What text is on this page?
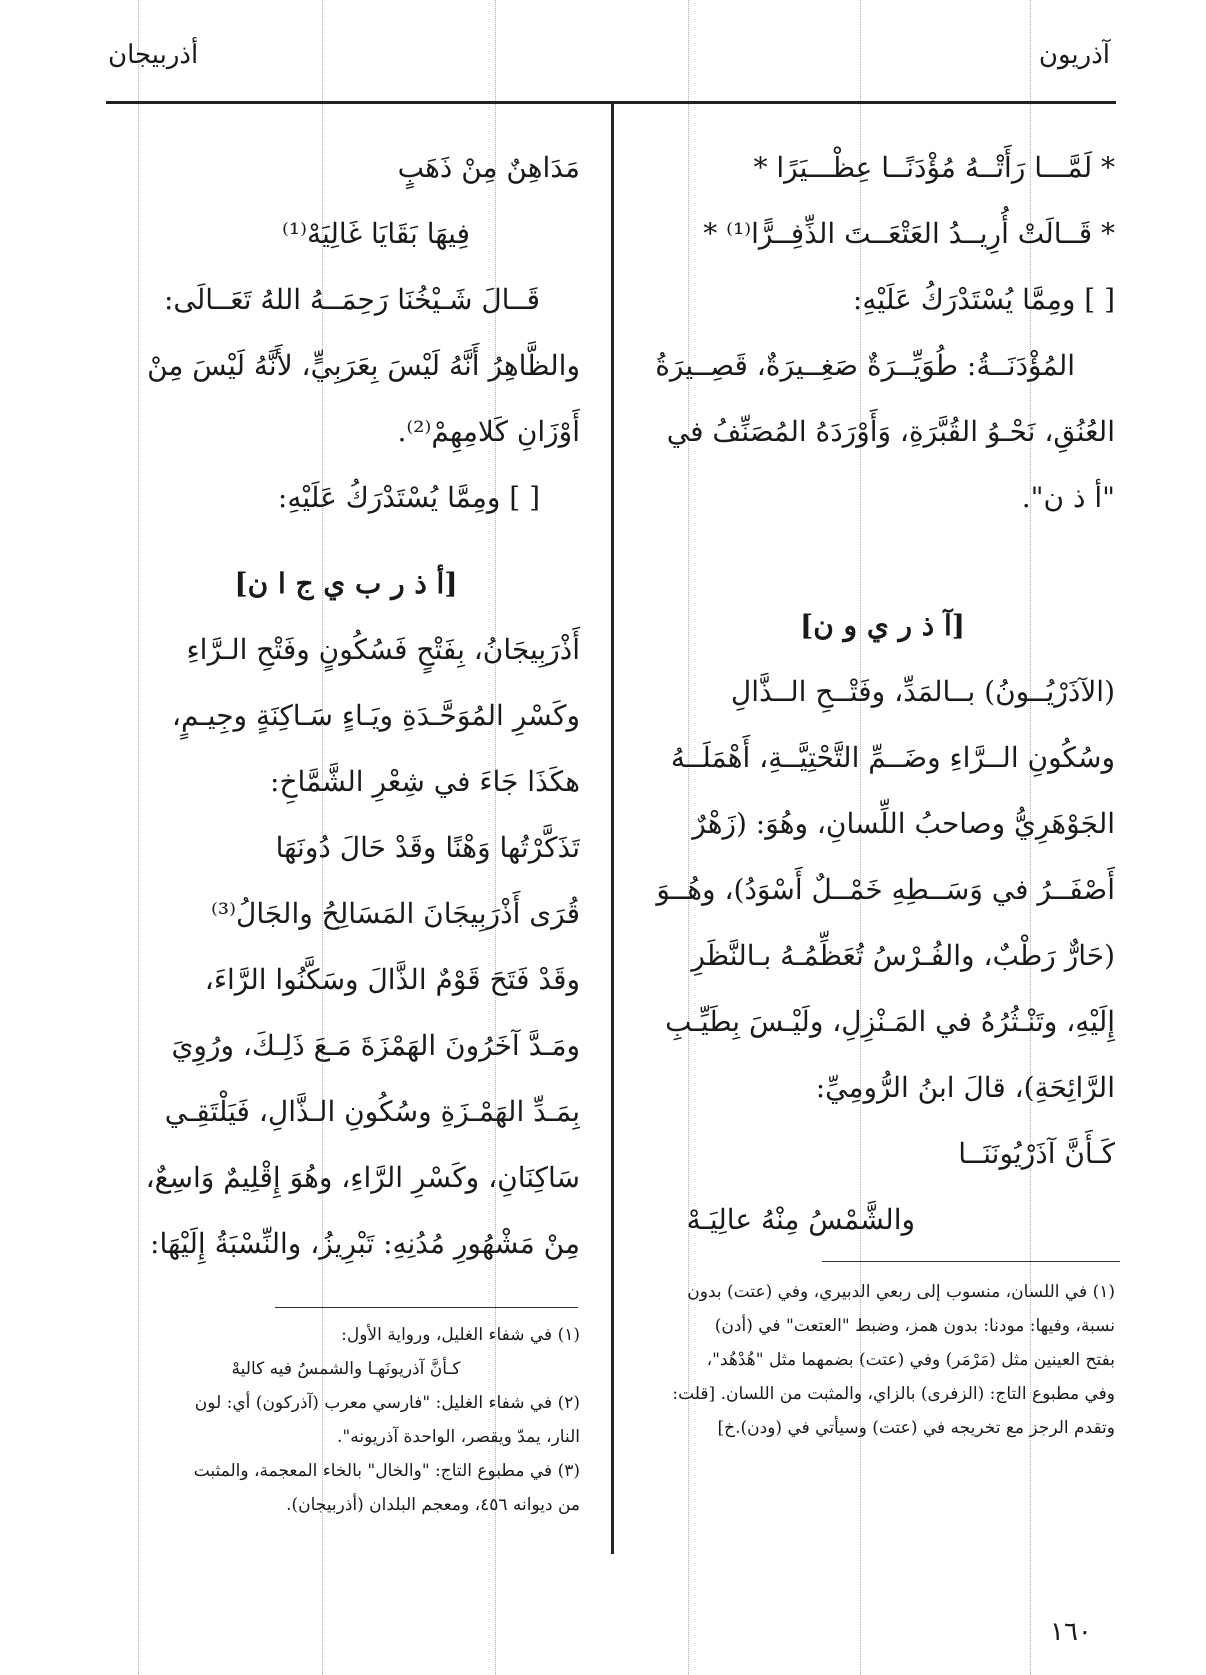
آذريون
أذربيجان
* لَمَّـــا رَأَتْــهُ مُؤْدَنًــا عِظْـــيَرًا *
* قَــالَتْ أُرِيــدُ العَتْعَــتَ الذِّفِــرًّا⁽¹⁾ *
[ ] ومِمَّا يُسْتَدْرَكُ عَلَيْهِ:
المُؤْدَنَــةُ: طُوَيِّــرَةٌ صَغِــيرَةٌ، قَصِــيرَةُ
العُنُقِ، نَحْـوُ القُبَّرَةِ، وَأَوْرَدَهُ المُصَنِّفُ في
"أ ذ ن".
[آ ذ ر ي و ن]
(الآذَرْيُــونُ) بــالمَدِّ، وفَتْــحِ الــذَّالِ
وسُكُونِ الــرَّاءِ وضَــمِّ التَّحْتِيَّــةِ، أَهْمَلَــهُ
الجَوْهَرِيُّ وصاحبُ اللِّسانِ، وهُوَ: (زَهْرٌ
أَصْفَــرُ في وَسَــطِهِ خَمْــلٌ أَسْوَدُ)، وهُــوَ
(حَارٌّ رَطْبٌ، والفُـرْسُ تُعَظِّمُـهُ بـالنَّظَرِ
إِلَيْهِ، وتَنْـثُرُهُ في المَـنْزِلِ، ولَيْـسَ بِطَيِّـبِ
الرَّائِحَةِ)، قالَ ابنُ الرُّومِيِّ:
كَـأَنَّ آذَرْيُونَنَــا
والشَّمْسُ مِنْهُ عالِيَـهْ
مَدَاهِنٌ مِنْ ذَهَبٍ
فِيهَا بَقَايَا غَالِيَهْ⁽¹⁾
قَــالَ شَـيْخُنَا رَحِمَــهُ اللهُ تَعَــالَى:
والظَّاهِرُ أَنَّهُ لَيْسَ بِعَرَبِيٍّ، لأَنَّهُ لَيْسَ مِنْ
أَوْزَانِ كَلامِهِمْ⁽²⁾.
[ ] ومِمَّا يُسْتَدْرَكُ عَلَيْهِ:
[أ ذ ر ب ي ج ا ن]
أَذْرَبِيجَانُ، بِفَتْحٍ فَسُكُونٍ وفَتْحِ الـرَّاءِ
وكَسْرِ المُوَحَّـدَةِ ويَـاءٍ سَـاكِنَةٍ وجِيـمٍ،
هكَذَا جَاءَ في شِعْرِ الشَّمَّاخِ:
تَذَكَّرْتُها وَهْنًا وقَدْ حَالَ دُونَهَا
قُرَى أَذْرَبِيجَانَ المَسَالِحُ والجَالُ⁽³⁾
وقَدْ فَتَحَ قَوْمٌ الذَّالَ وسَكَّنُوا الرَّاءَ،
ومَـدَّ آخَرُونَ الهَمْزَةَ مَـعَ ذَلِـكَ، ورُوِيَ
بِمَـدِّ الهَمْـزَةِ وسُكُونِ الـذَّالِ، فَيَلْتَقِـي
سَاكِنَانِ، وكَسْرِ الرَّاءِ، وهُوَ إِقْلِيمٌ وَاسِعٌ،
مِنْ مَشْهُورِ مُدُنِهِ: تَبْرِيزُ، والنِّسْبَةُ إِلَيْهَا:
(١) في اللسان، منسوب إلى ربعي الدبيري، وفي (عتت) بدون
نسبة، وفيها: مودنا: بدون همز، وضبط "العتعت" في (أدن)
بفتح العينين مثل (مَرْمَر) وفي (عتت) بضمهما مثل "هُدْهُد"،
وفي مطبوع التاج: (الزفرى) بالزاي، والمثبت من اللسان. [قلت:
وتقدم الرجز مع تخريجه في (عتت) وسيأتي في (ودن).خ]
(١) في شفاء الغليل، ورواية الأول:
كـأنَّ آذريونَهـا والشمسُ فيه كاليهْ
(٢) في شفاء الغليل: "فارسي معرب (آذركون) أي: لون
النار، يمدّ ويقصر، الواحدة آذريونه".
(٣) في مطبوع التاج: "والخال" بالخاء المعجمة، والمثبت
من ديوانه ٤٥٦، ومعجم البلدان (أذربيجان).
١٦٠
